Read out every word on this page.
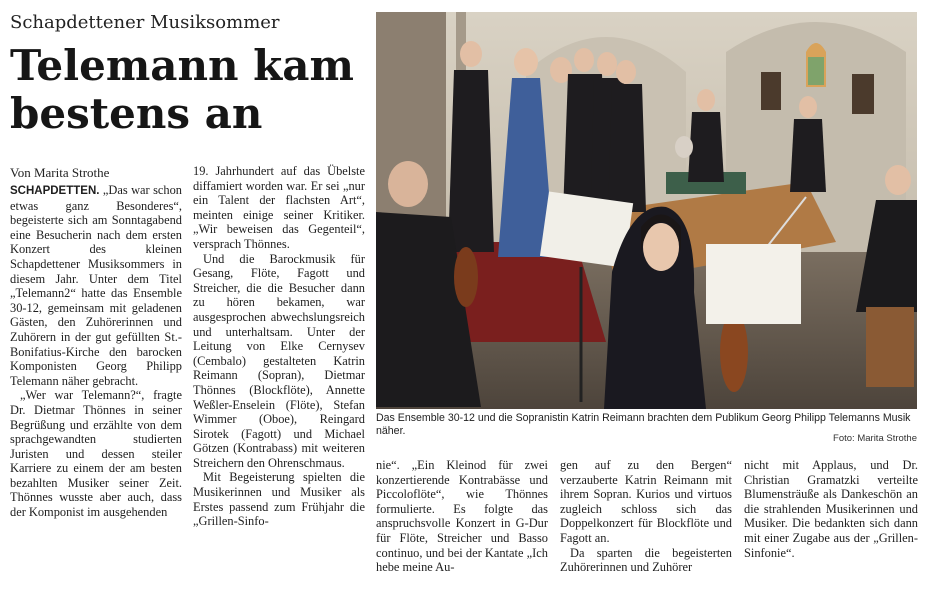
Schapdettener Musiksommer
Telemann kam bestens an
Von Marita Strothe

SCHAPDETTEN. „Das war schon etwas ganz Besonderes“, begeisterte sich am Sonntagabend eine Besucherin nach dem ersten Konzert des kleinen Schapdettener Musiksommers in diesem Jahr. Unter dem Titel „Telemann2“ hatte das Ensemble 30-12, gemeinsam mit geladenen Gästen, den Zuhörerinnen und Zuhörern in der gut gefüllten St.-Bonifatius-Kirche den barocken Komponisten Georg Philipp Telemann näher gebracht.

„Wer war Telemann?“, fragte Dr. Dietmar Thönnes in seiner Begrüßung und erzählte von dem sprachgewandten studierten Juristen und dessen steiler Karriere zu einem der am besten bezahlten Musiker seiner Zeit. Thönnes wusste aber auch, dass der Komponist im ausgehenden

19. Jahrhundert auf das Übelste diffamiert worden war. Er sei „nur ein Talent der flachsten Art“, meinten einige seiner Kritiker. „Wir beweisen das Gegenteil“, versprach Thönnes.

Und die Barockmusik für Gesang, Flöte, Fagott und Streicher, die die Besucher dann zu hören bekamen, war ausgesprochen abwechslungsreich und unterhaltsam. Unter der Leitung von Elke Cernysev (Cembalo) gestalteten Katrin Reimann (Sopran), Dietmar Thönnes (Blockflöte), Annette Weßler-Enselein (Flöte), Stefan Wimmer (Oboe), Reingard Sirotek (Fagott) und Michael Götzen (Kontrabass) mit weiteren Streichern den Ohrenschmaus.

Mit Begeisterung spielten die Musikerinnen und Musiker als Erstes passend zum Frühjahr die „Grillen-Sinfo-

nie“. „Ein Kleinod für zwei konzertierende Kontrabässe und Piccoloflöte“, wie Thönnes formulierte. Es folgte das anspruchsvolle Konzert in G-Dur für Flöte, Streicher und Basso continuo, und bei der Kantate „Ich hebe meine Au-

gen auf zu den Bergen“ verzauberte Katrin Reimann mit ihrem Sopran. Kurios und virtuos zugleich schloss sich das Doppelkonzert für Blockflöte und Fagott an.

Da sparten die begeisterten Zuhörerinnen und Zuhörer

nicht mit Applaus, und Dr. Christian Gramatzki verteilte Blumensträuße als Dankeschön an die strahlenden Musikerinnen und Musiker. Die bedankten sich dann mit einer Zugabe aus der „Grillen-Sinfonie“.

Das Ensemble 30-12 und die Sopranistin Katrin Reimann brachten dem Publikum Georg Philipp Telemanns Musik näher.
Foto: Marita Strothe
